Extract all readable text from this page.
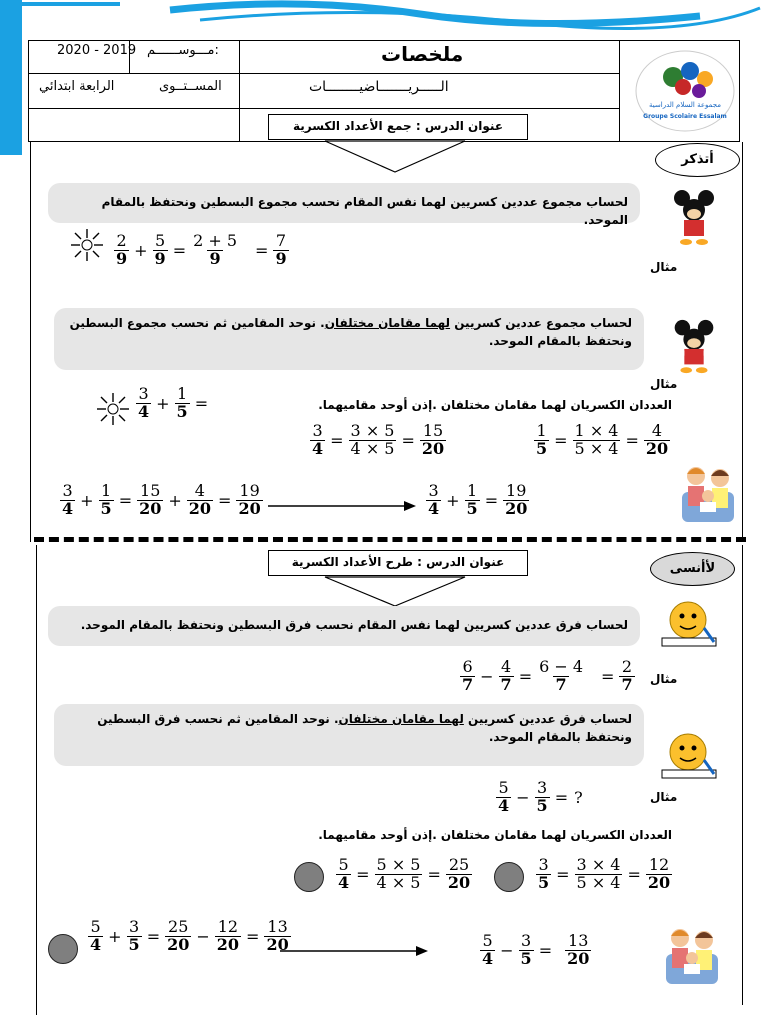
2020 - 2019 مـــوســــــم:	ملخصات
الرابعة ابتدائي	المســتــوى	الـــــريـــــــاضيــــــــات
مجموعة السلام الدراسية
Groupe Scolaire Essalam
عنوان الدرس : جمع الأعداد الكسرية
أتذكر
لحساب مجموع عددين كسريين لهما نفس المقام نحسب مجموع البسطين ونحتفظ بالمقام الموحد.
مثال
2
$9 + \frac{5}{9} = \frac{2 + 5}{9} = \frac{7}{9}$
لحساب مجموع عددين كسريين لهما مقامان مختلفان. نوحد المقامين ثم نحسب مجموع البسطين ونحتفظ بالمقام الموحد.
مثال
3
$4 + \frac{1}{5}$ =	العددان الكسريان لهما مقامان مختلفان .إذن أوحد مقاميهما.
$\frac{3}{4} = \frac{3 \times 5}{4 \times 5} = \frac{15}{20}$	$\frac{1}{5} = \frac{1 \times 4}{5 \times 4} = \frac{4}{20}$
3
$4 + \frac{1}{5} = \frac{15}{20} + \frac{4}{20} = \frac{19}{20}$	3
$4 + \frac{1}{5} = \frac{19}{20}$
عنوان الدرس : طرح الأعداد الكسرية	لأأنسى
لحساب فرق عددين كسريين لهما نفس المقام نحسب فرق البسطين ونحتفظ بالمقام الموحد.
مثال
6
$7 - \frac{4}{7} = \frac{6 - 4}{7} = \frac{2}{7}$
لحساب فرق عددين كسريين لهما مقامان مختلفان. نوحد المقامين ثم نحسب فرق البسطين ونحتفظ بالمقام الموحد.
مثال
5
$4 - \frac{3}{5}$ = ?
العددان الكسريان لهما مقامان مختلفان .إذن أوحد مقاميهما.
$\frac{5}{4} = \frac{5 \times 5}{4 \times 5} = \frac{25}{20}$	$\frac{3}{5} = \frac{3 \times 4}{5 \times 4} = \frac{12}{20}$
5
$4 + \frac{3}{5} = \frac{25}{20} - \frac{12}{20} = \frac{13}{20}$	5
$4 - \frac{3}{5} = \frac{13}{20}$
